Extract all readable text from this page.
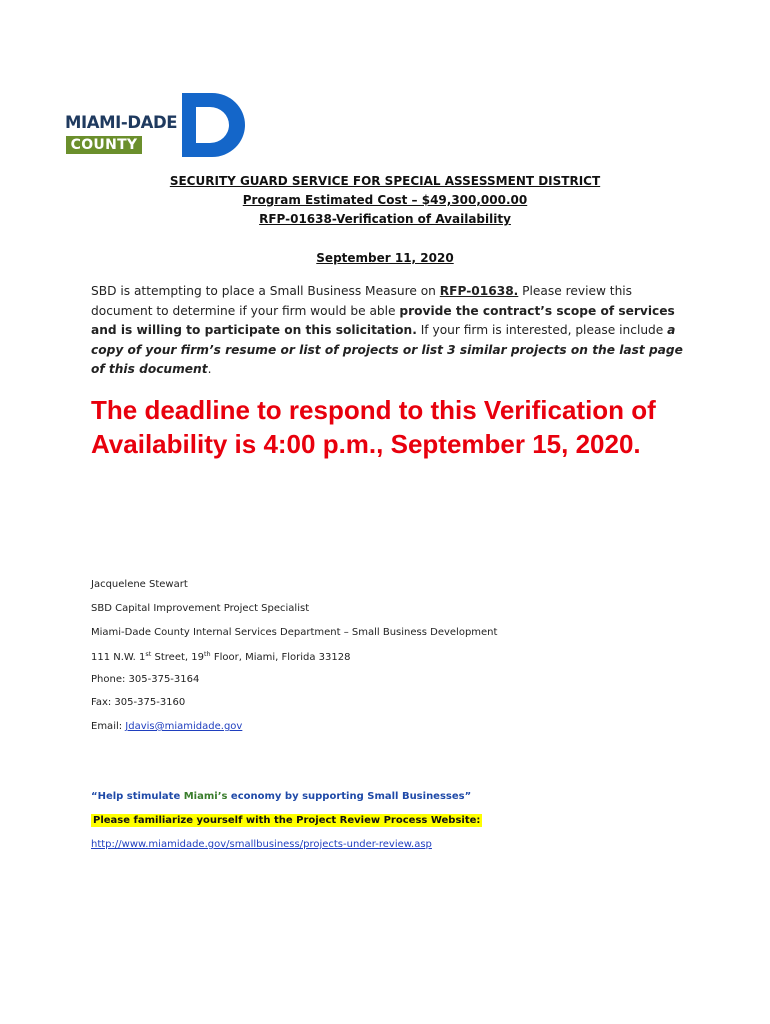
MIAMI-DADE
COUNTY
SECURITY GUARD SERVICE FOR SPECIAL ASSESSMENT DISTRICT
Program Estimated Cost – $49,300,000.00
RFP-01638-Verification of Availability
September 11, 2020
SBD is attempting to place a Small Business Measure on RFP-01638. Please review this document to determine if your firm would be able provide the contract’s scope of services and is willing to participate on this solicitation. If your firm is interested, please include a copy of your firm’s resume or list of projects or list 3 similar projects on the last page of this document.
The deadline to respond to this Verification of Availability is 4:00 p.m., September 15, 2020.
Jacquelene Stewart
SBD Capital Improvement Project Specialist
Miami-Dade County Internal Services Department – Small Business Development
111 N.W. 1st Street, 19th Floor, Miami, Florida 33128
Phone: 305-375-3164
Fax: 305-375-3160
Email: Jdavis@miamidade.gov
“Help stimulate Miami’s economy by supporting Small Businesses”
Please familiarize yourself with the Project Review Process Website:
http://www.miamidade.gov/smallbusiness/projects-under-review.asp
